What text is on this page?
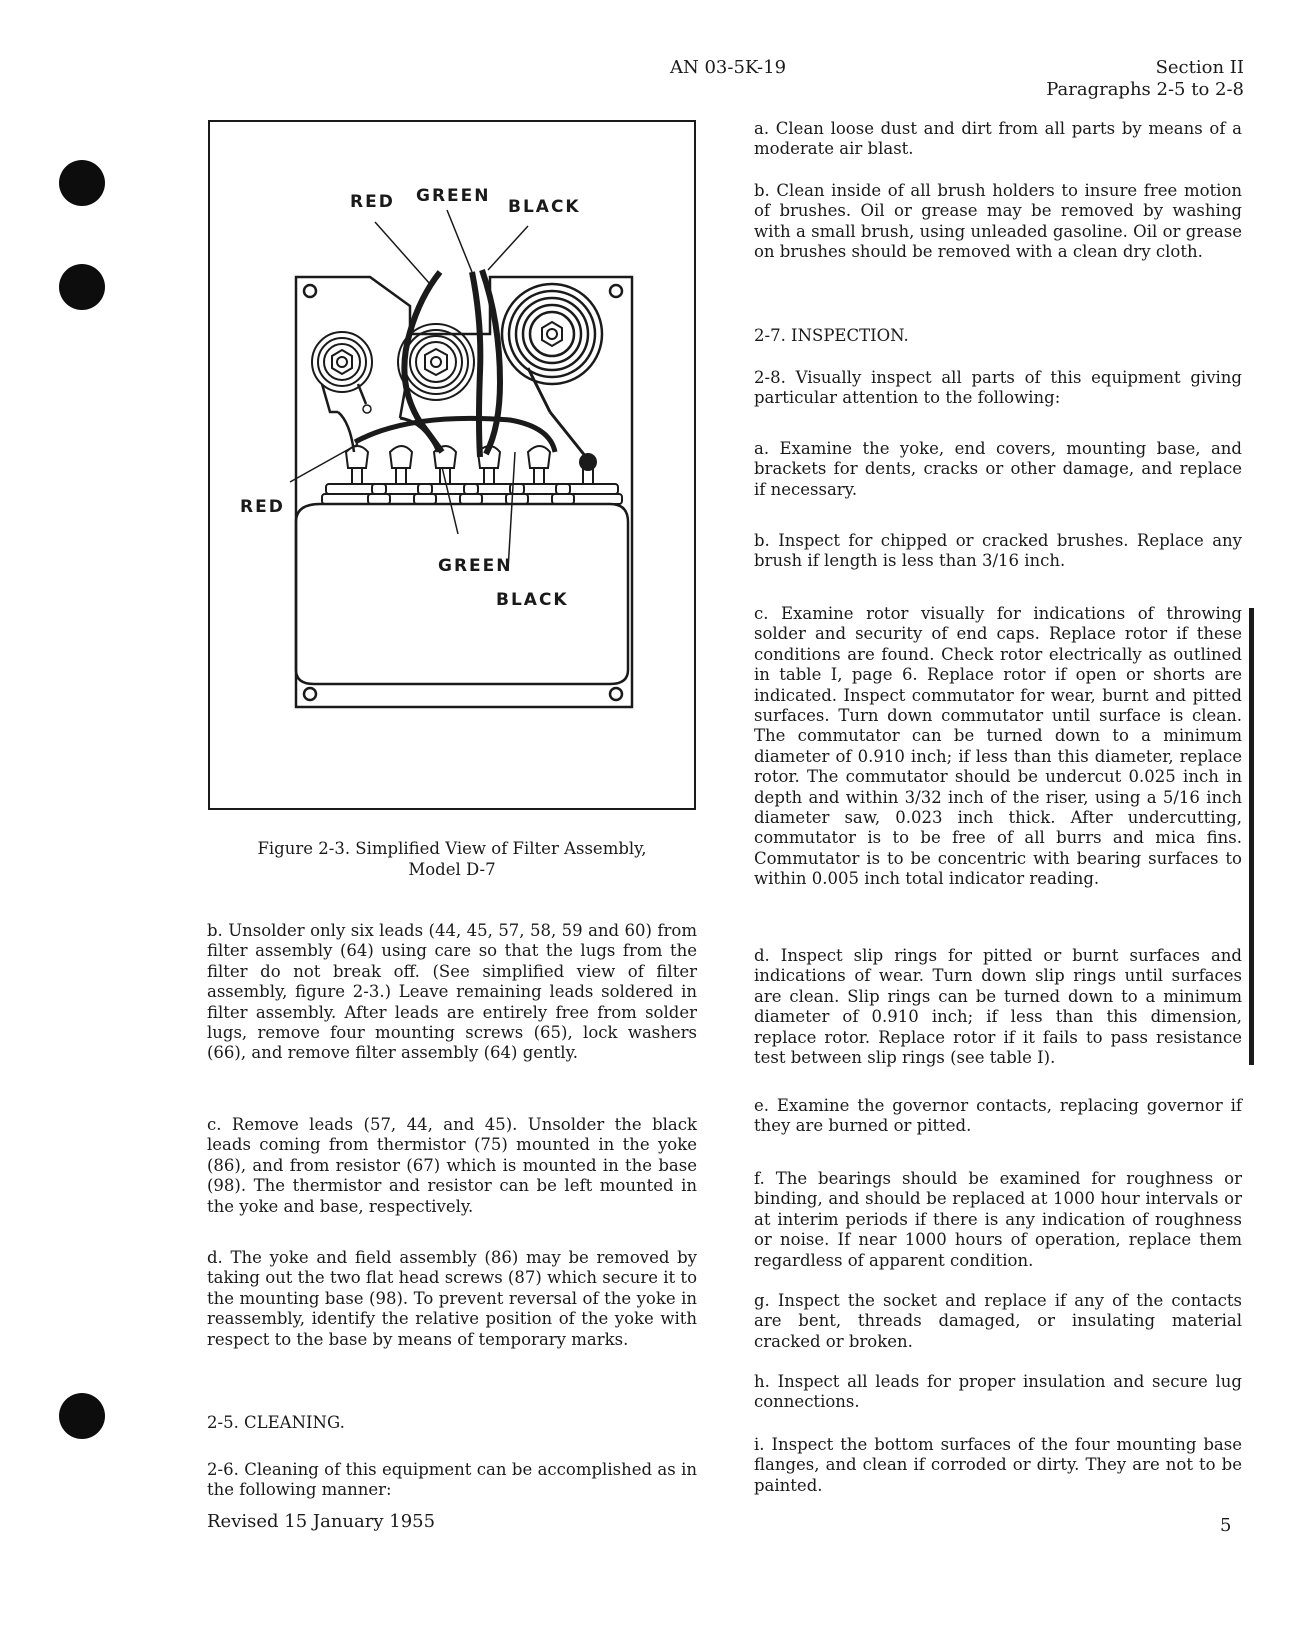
AN 03-5K-19	Section II
Paragraphs 2-5 to 2-8
RED GREEN
BLACK
RED
GREEN
BLACK
Figure 2-3. Simplified View of Filter Assembly,
Model D-7
b. Unsolder only six leads (44, 45, 57, 58, 59 and 60) from filter assembly (64) using care so that the lugs from the filter do not break off. (See simplified view of filter assembly, figure 2-3.) Leave remaining leads soldered in filter assembly. After leads are entirely free from solder lugs, remove four mounting screws (65), lock washers (66), and remove filter assembly (64) gently.
c. Remove leads (57, 44, and 45). Unsolder the black leads coming from thermistor (75) mounted in the yoke (86), and from resistor (67) which is mounted in the base (98). The thermistor and resistor can be left mounted in the yoke and base, respectively.
d. The yoke and field assembly (86) may be removed by taking out the two flat head screws (87) which secure it to the mounting base (98). To prevent reversal of the yoke in reassembly, identify the relative position of the yoke with respect to the base by means of temporary marks.
2-5. CLEANING.
2-6. Cleaning of this equipment can be accomplished as in the following manner:
a. Clean loose dust and dirt from all parts by means of a moderate air blast.
b. Clean inside of all brush holders to insure free motion of brushes. Oil or grease may be removed by washing with a small brush, using unleaded gasoline. Oil or grease on brushes should be removed with a clean dry cloth.
2-7. INSPECTION.
2-8. Visually inspect all parts of this equipment giving particular attention to the following:
a. Examine the yoke, end covers, mounting base, and brackets for dents, cracks or other damage, and replace if necessary.
b. Inspect for chipped or cracked brushes. Replace any brush if length is less than 3/16 inch.
c. Examine rotor visually for indications of throwing solder and security of end caps. Replace rotor if these conditions are found. Check rotor electrically as outlined in table I, page 6. Replace rotor if open or shorts are indicated. Inspect commutator for wear, burnt and pitted surfaces. Turn down commutator until surface is clean. The commutator can be turned down to a minimum diameter of 0.910 inch; if less than this diameter, replace rotor. The commutator should be undercut 0.025 inch in depth and within 3/32 inch of the riser, using a 5/16 inch diameter saw, 0.023 inch thick. After undercutting, commutator is to be free of all burrs and mica fins. Commutator is to be concentric with bearing surfaces to within 0.005 inch total indicator reading.
d. Inspect slip rings for pitted or burnt surfaces and indications of wear. Turn down slip rings until surfaces are clean. Slip rings can be turned down to a minimum diameter of 0.910 inch; if less than this dimension, replace rotor. Replace rotor if it fails to pass resistance test between slip rings (see table I).
e. Examine the governor contacts, replacing governor if they are burned or pitted.
f. The bearings should be examined for roughness or binding, and should be replaced at 1000 hour intervals or at interim periods if there is any indication of roughness or noise. If near 1000 hours of operation, replace them regardless of apparent condition.
g. Inspect the socket and replace if any of the contacts are bent, threads damaged, or insulating material cracked or broken.
h. Inspect all leads for proper insulation and secure lug connections.
i. Inspect the bottom surfaces of the four mounting base flanges, and clean if corroded or dirty. They are not to be painted.
Revised 15 January 1955	5
